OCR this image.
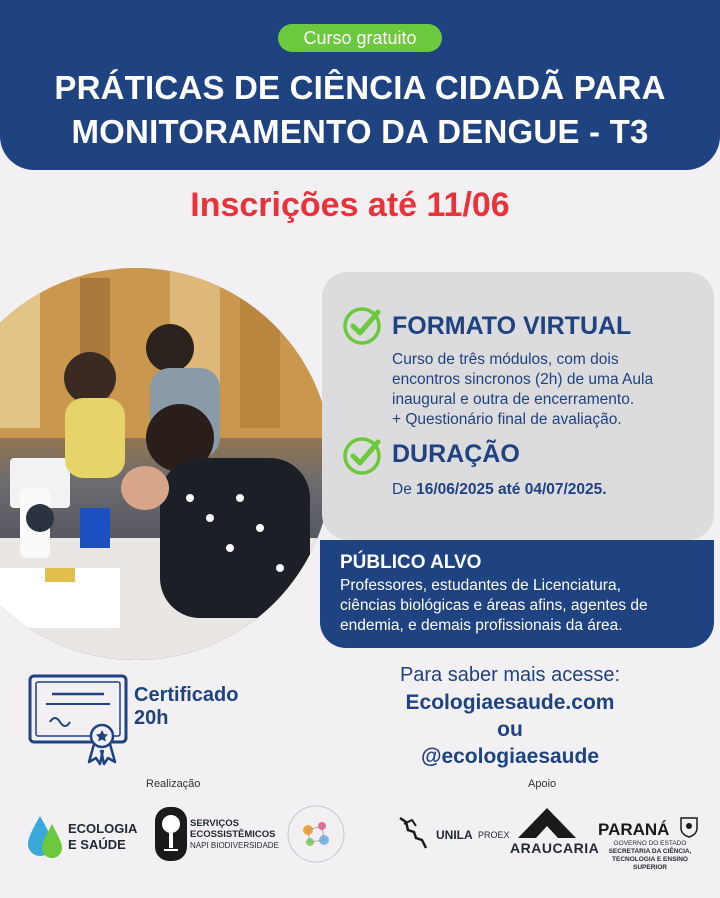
Curso gratuito
PRÁTICAS DE CIÊNCIA CIDADÃ PARA
MONITORAMENTO DA DENGUE - T3
Inscrições até 11/06
FORMATO VIRTUAL
Curso de três módulos, com dois
encontros sincronos (2h) de uma Aula
inaugural e outra de encerramento.
+ Questionário final de avaliação.
DURAÇÃO
De 16/06/2025 até 04/07/2025.
PÚBLICO ALVO
Professores, estudantes de Licenciatura,
ciências biológicas e áreas afins, agentes de
endemia, e demais profissionais da área.
Certificado
20h
Para saber mais acesse:
Ecologiaesaude.com
ou
@ecologiaesaude
Realização	Apoio
ECOLOGIA
E SAÚDE
SERVIÇOS
ECOSSISTÊMICOS
NAPI BIODIVERSIDADE
UNILA PROEX
ARAUCARIA
PARANÁ
GOVERNO DO ESTADO
SECRETARIA DA CIÊNCIA,
TECNOLOGIA E ENSINO SUPERIOR
